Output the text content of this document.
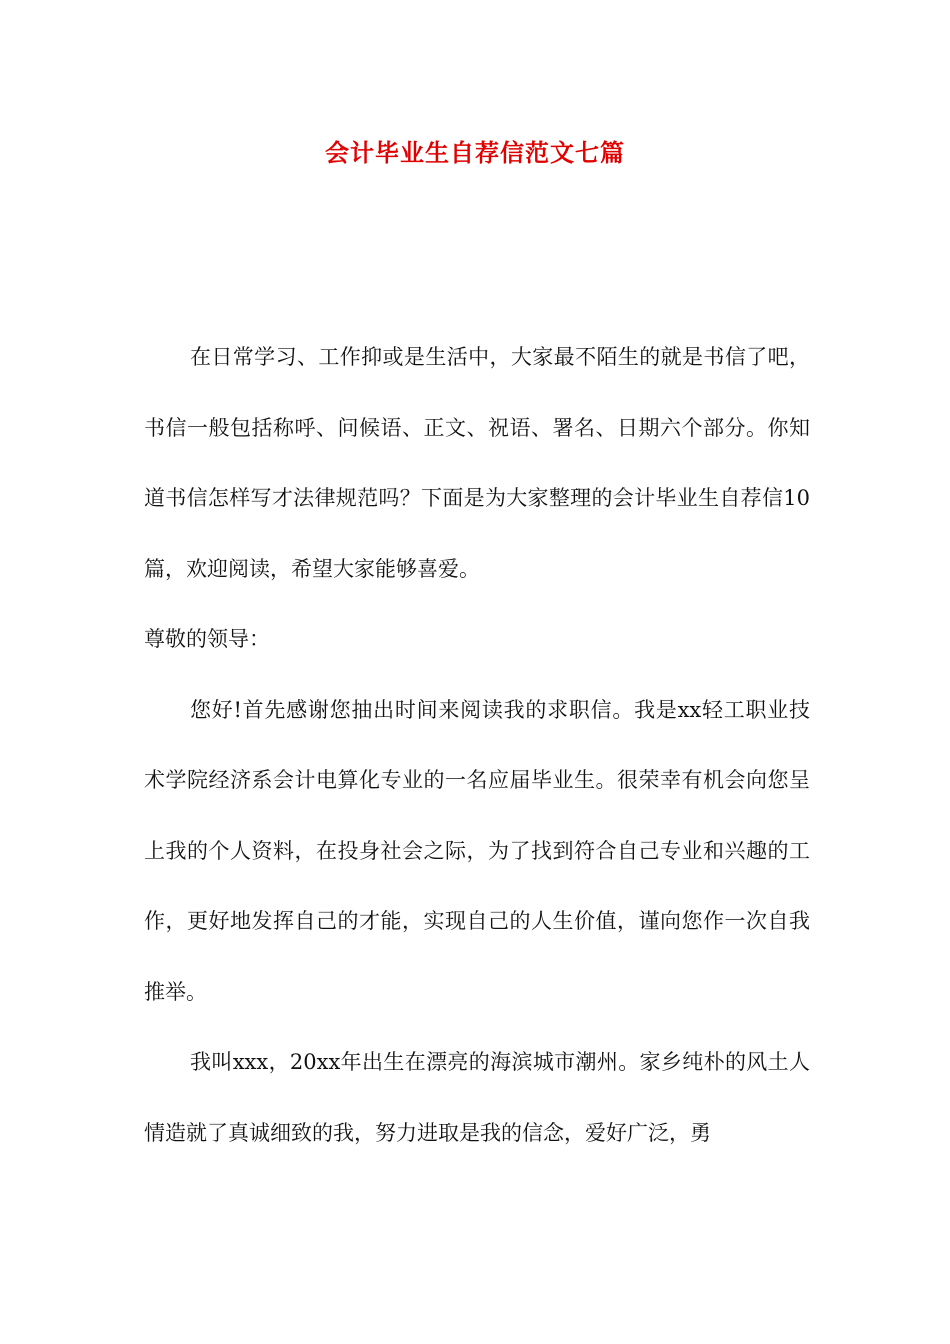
会计毕业生自荐信范文七篇

在日常学习、工作抑或是生活中，大家最不陌生的就是书信了吧，书信一般包括称呼、问候语、正文、祝语、署名、日期六个部分。你知道书信怎样写才法律规范吗？下面是为大家整理的会计毕业生自荐信10篇，欢迎阅读，希望大家能够喜爱。

尊敬的领导：

您好!首先感谢您抽出时间来阅读我的求职信。我是xx轻工职业技术学院经济系会计电算化专业的一名应届毕业生。很荣幸有机会向您呈上我的个人资料，在投身社会之际，为了找到符合自己专业和兴趣的工作，更好地发挥自己的才能，实现自己的人生价值，谨向您作一次自我推举。

我叫xxx，20xx年出生在漂亮的海滨城市潮州。家乡纯朴的风土人情造就了真诚细致的我，努力进取是我的信念，爱好广泛，勇
